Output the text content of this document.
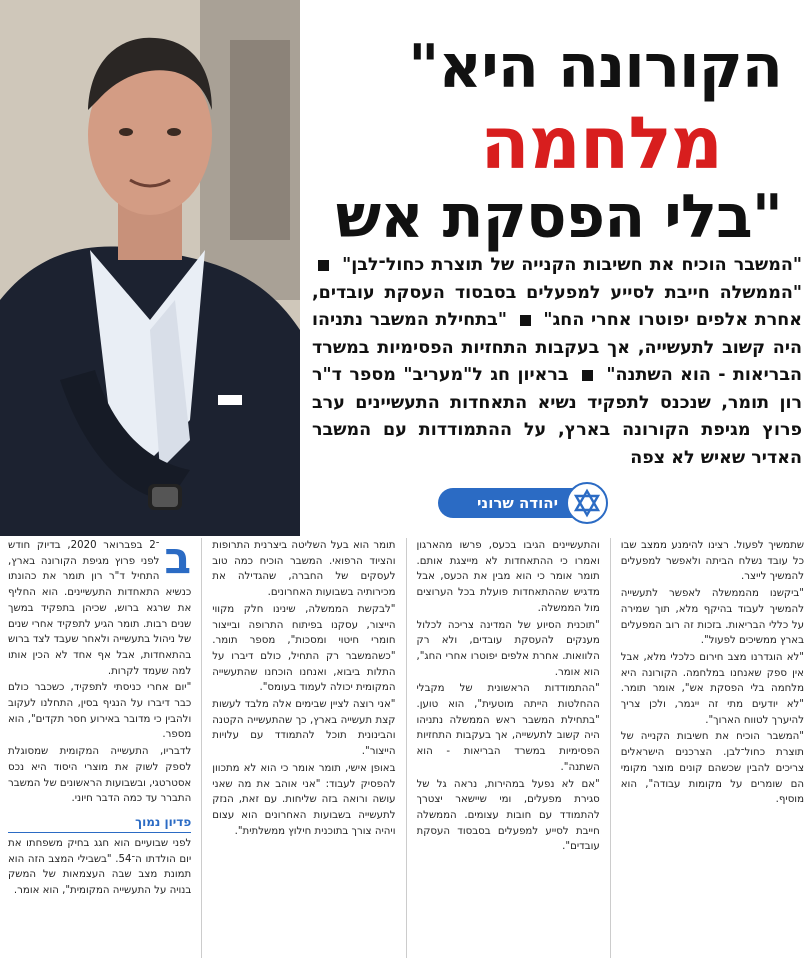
הקורונה היא"
מלחמה
"בלי הפסקת אש
"המשבר הוכיח את חשיבות הקנייה של תוצרת כחול־לבן"  "הממשלה חייבת לסייע למפעלים בסבסוד העסקת עובדים, אחרת אלפים יפוטרו אחרי החג"  "בתחילת המשבר נתניהו היה קשוב לתעשייה, אך בעקבות התחזיות הפסימיות במשרד הבריאות - הוא השתנה"  בראיון חג ל"מעריב" מספר ד"ר רון תומר, שנכנס לתפקיד נשיא התאחדות התעשיינים ערב פרוץ מגיפת הקורונה בארץ, על ההתמודדות עם המשבר האדיר שאיש לא צפה
יהודה שרוני
ב

־2 בפברואר 2020, בדיוק חודש לפני פרוץ מגיפת הקורונה בארץ, התחיל ד"ר רון תומר את כהונתו כנשיא התאחדות התעשיינים. הוא החליף את שרגא ברוש, שכיהן בתפקיד במשך שנים רבות. תומר הגיע לתפקיד אחרי שנים של ניהול בתעשייה ולאחר שעבד לצד ברוש בהתאחדות, אבל אף אחד לא הכין אותו למה שעמד לקרות.

"יום אחרי כניסתי לתפקיד, כשכבר כולם כבר דיברו על הנגיף בסין, התחלנו לעקוב ולהבין כי מדובר באירוע חסר תקדים", הוא מספר.

לדבריו, התעשייה המקומית שמסוגלת לספק לשוק את מוצרי היסוד היא נכס אסטרטגי, ובשבועות הראשונים של המשבר התברר עד כמה הדבר חיוני.

פדיון נמוך

לפני שבועיים הוא חגג בחיק משפחתו את יום הולדתו ה־54. "בשבילי המצב הזה הוא תמונת מצב שבה העצמאות של המשק בנויה על התעשייה המקומית", הוא אומר.

תומר הוא בעל השליטה ביצרנית התרופות והציוד הרפואי. המשבר הוכיח כמה טוב לעסקים של החברה, שהגדילה את מכירותיה בשבועות האחרונים.

"לבקשת הממשלה, שינינו חלק מקווי הייצור, עסקנו בפיתוח התרופה ובייצור חומרי חיטוי ומסכות", מספר תומר. "כשהמשבר רק התחיל, כולם דיברו על התלות ביבוא, ואנחנו הוכחנו שהתעשייה המקומית יכולה לעמוד בעומס".

"אני רוצה לציין שבימים אלה מלבד לעשות קצת תעשייה בארץ, כך שהתעשייה הקטנה והבינונית תוכל להתמודד עם עלויות הייצור".

באופן אישי, תומר אומר כי הוא לא מתכוון להפסיק לעבוד: "אני אוהב את מה שאני עושה ורואה בזה שליחות. עם זאת, הנזק לתעשייה בשבועות האחרונים הוא עצום ויהיה צורך בתוכנית חילוץ ממשלתית".

והתעשיינים הגיבו בכעס, פרשו מהארגון ואמרו כי ההתאחדות לא מייצגת אותם. תומר אומר כי הוא מבין את הכעס, אבל מדגיש שההתאחדות פועלת בכל הערוצים מול הממשלה.

"תוכנית הסיוע של המדינה צריכה לכלול מענקים להעסקת עובדים, ולא רק הלוואות. אחרת אלפים יפוטרו אחרי החג", הוא אומר.

"ההתמודדות הראשונית של מקבלי ההחלטות הייתה מוטעית", הוא טוען. "בתחילת המשבר ראש הממשלה נתניהו היה קשוב לתעשייה, אך בעקבות התחזיות הפסימיות במשרד הבריאות - הוא השתנה".

"אם לא נפעל במהירות, נראה גל של סגירת מפעלים, ומי שיישאר יצטרך להתמודד עם חובות עצומים. הממשלה חייבת לסייע למפעלים בסבסוד העסקת עובדים".

שתמשיך לפעול. רצינו להימנע ממצב שבו כל עובד נשלח הביתה ולאפשר למפעלים להמשיך לייצר.

"ביקשנו מהממשלה לאפשר לתעשייה להמשיך לעבוד בהיקף מלא, תוך שמירה על כללי הבריאות. בזכות זה רוב המפעלים בארץ ממשיכים לפעול".

"לא הוגדרנו מצב חירום כלכלי מלא, אבל אין ספק שאנחנו במלחמה. הקורונה היא מלחמה בלי הפסקת אש", אומר תומר. "לא יודעים מתי זה ייגמר, ולכן צריך להיערך לטווח הארוך".

"המשבר הוכיח את חשיבות הקנייה של תוצרת כחול־לבן. הצרכנים הישראלים צריכים להבין שכשהם קונים מוצר מקומי הם שומרים על מקומות עבודה", הוא מוסיף.
